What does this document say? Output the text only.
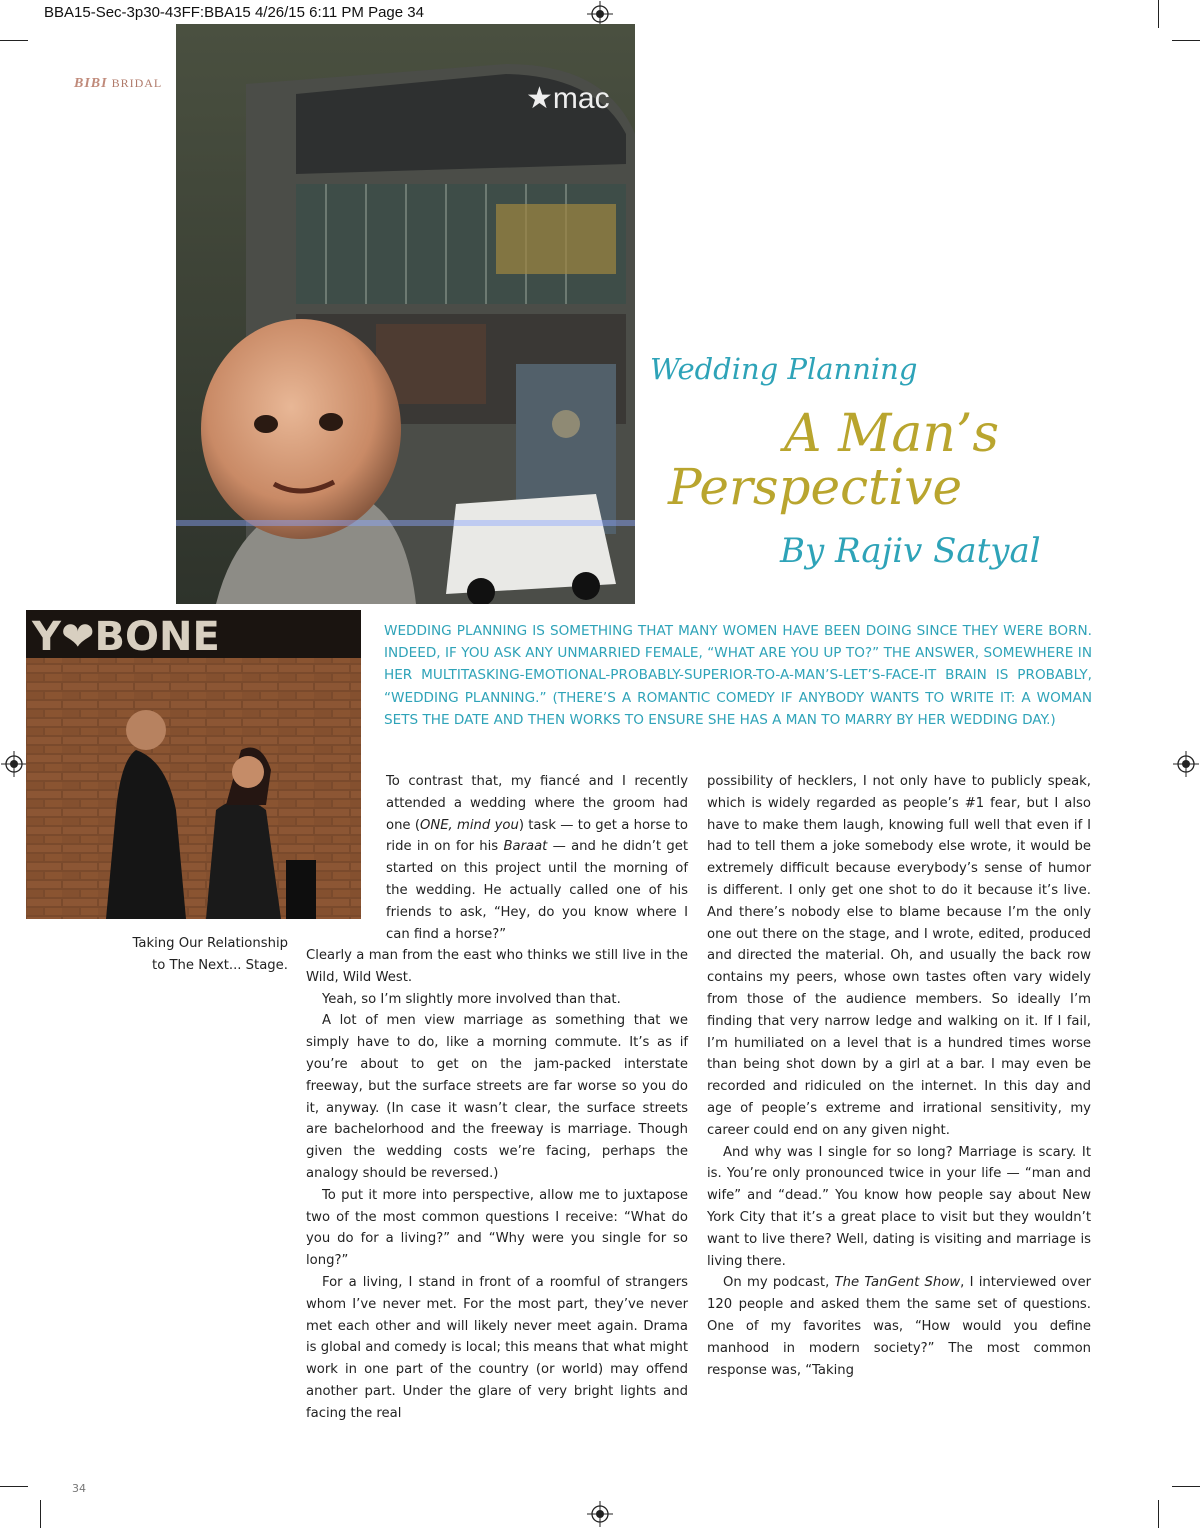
BBA15-Sec-3p30-43FF:BBA15 4/26/15 6:11 PM Page 34
BIBI BRIDAL	★mac
Y❤BONE
Wedding Planning
A Man’s
Perspective
By Rajiv Satyal
WEDDING PLANNING IS SOMETHING THAT MANY WOMEN HAVE BEEN DOING SINCE THEY WERE BORN. INDEED, IF YOU ASK ANY UNMARRIED FEMALE, “WHAT ARE YOU UP TO?” THE ANSWER, SOMEWHERE IN HER MULTITASKING-EMOTIONAL-PROBABLY-SUPERIOR-TO-A-MAN’S-LET’S-FACE-IT BRAIN IS PROBABLY, “WEDDING PLANNING.” (THERE’S A ROMANTIC COMEDY IF ANYBODY WANTS TO WRITE IT: A WOMAN SETS THE DATE AND THEN WORKS TO ENSURE SHE HAS A MAN TO MARRY BY HER WEDDING DAY.)
Taking Our Relationship
to The Next... Stage.

To contrast that, my fiancé and I recently attended a wedding where the groom had one (ONE, mind you) task — to get a horse to ride in on for his Baraat — and he didn’t get started on this project until the morning of the wedding. He actually called one of his friends to ask, “Hey, do you know where I can find a horse?”

Clearly a man from the east who thinks we still live in the Wild, Wild West.

Yeah, so I’m slightly more involved than that.

A lot of men view marriage as something that we simply have to do, like a morning commute. It’s as if you’re about to get on the jam-packed interstate freeway, but the surface streets are far worse so you do it, anyway. (In case it wasn’t clear, the surface streets are bachelorhood and the freeway is marriage. Though given the wedding costs we’re facing, perhaps the analogy should be reversed.)

To put it more into perspective, allow me to juxtapose two of the most common questions I receive: “What do you do for a living?” and “Why were you single for so long?”

For a living, I stand in front of a roomful of strangers whom I’ve never met. For the most part, they’ve never met each other and will likely never meet again. Drama is global and comedy is local; this means that what might work in one part of the country (or world) may offend another part. Under the glare of very bright lights and facing the real

possibility of hecklers, I not only have to publicly speak, which is widely regarded as people’s #1 fear, but I also have to make them laugh, knowing full well that even if I had to tell them a joke somebody else wrote, it would be extremely difficult because everybody’s sense of humor is different. I only get one shot to do it because it’s live. And there’s nobody else to blame because I’m the only one out there on the stage, and I wrote, edited, produced and directed the material. Oh, and usually the back row contains my peers, whose own tastes often vary widely from those of the audience members. So ideally I’m finding that very narrow ledge and walking on it. If I fail, I’m humiliated on a level that is a hundred times worse than being shot down by a girl at a bar. I may even be recorded and ridiculed on the internet. In this day and age of people’s extreme and irrational sensitivity, my career could end on any given night.

And why was I single for so long? Marriage is scary. It is. You’re only pronounced twice in your life — “man and wife” and “dead.” You know how people say about New York City that it’s a great place to visit but they wouldn’t want to live there? Well, dating is visiting and marriage is living there.

On my podcast, The TanGent Show, I interviewed over 120 people and asked them the same set of questions. One of my favorites was, “How would you define manhood in modern society?” The most common response was, “Taking

34
